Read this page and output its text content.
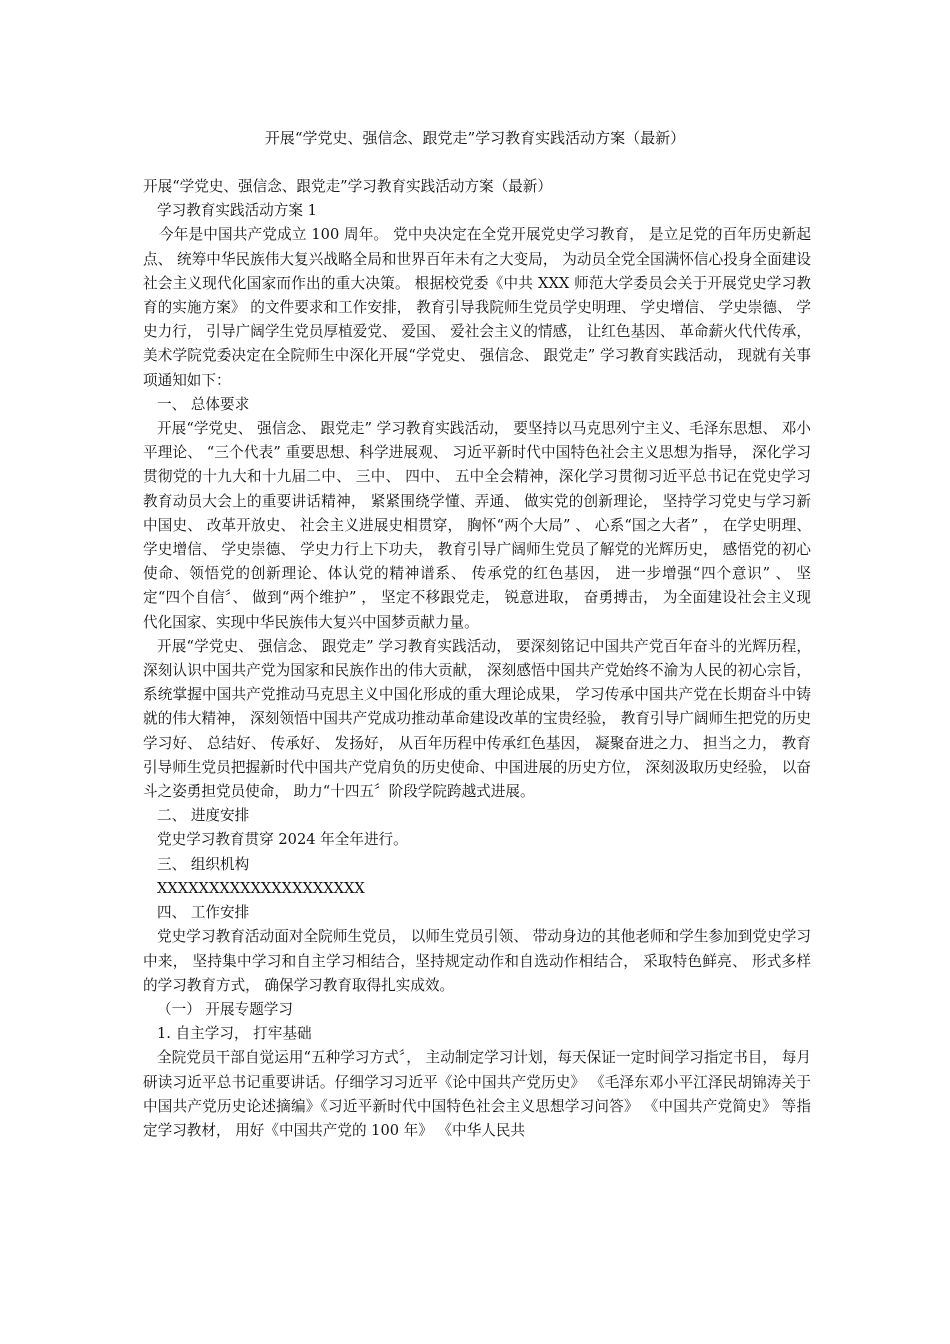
开展“学党史、强信念、跟党走”学习教育实践活动方案（最新）

开展“学党史、强信念、跟党走”学习教育实践活动方案（最新）

学习教育实践活动方案 1

今年是中国共产党成立 100 周年。 党中央决定在全党开展党史学习教育， 是立足党的百年历史新起点、 统筹中华民族伟大复兴战略全局和世界百年未有之大变局， 为动员全党全国满怀信心投身全面建设社会主义现代化国家而作出的重大决策。 根据校党委《中共 XXX 师范大学委员会关于开展党史学习教育的实施方案》 的文件要求和工作安排， 教育引导我院师生党员学史明理、 学史增信、 学史崇德、 学史力行， 引导广阔学生党员厚植爱党、 爱国、 爱社会主义的情感， 让红色基因、 革命薪火代代传承， 美术学院党委决定在全院师生中深化开展“学党史、 强信念、 跟党走” 学习教育实践活动， 现就有关事项通知如下：

一、 总体要求

开展“学党史、 强信念、 跟党走” 学习教育实践活动， 要坚持以马克思列宁主义、毛泽东思想、 邓小平理论、 “三个代表” 重要思想、科学进展观、 习近平新时代中国特色社会主义思想为指导， 深化学习贯彻党的十九大和十九届二中、 三中、 四中、 五中全会精神，深化学习贯彻习近平总书记在党史学习教育动员大会上的重要讲话精神， 紧紧围绕学懂、弄通、 做实党的创新理论， 坚持学习党史与学习新中国史、 改革开放史、 社会主义进展史相贯穿， 胸怀“两个大局” 、 心系“国之大者” ， 在学史明理、 学史增信、 学史崇德、 学史力行上下功夫， 教育引导广阔师生党员了解党的光辉历史， 感悟党的初心使命、领悟党的创新理论、体认党的精神谱系、 传承党的红色基因， 进一步增强“四个意识” 、 坚定“四个自信〞、 做到“两个维护” ， 坚定不移跟党走， 锐意进取， 奋勇搏击， 为全面建设社会主义现代化国家、实现中华民族伟大复兴中国梦贡献力量。

开展“学党史、 强信念、 跟党走” 学习教育实践活动， 要深刻铭记中国共产党百年奋斗的光辉历程， 深刻认识中国共产党为国家和民族作出的伟大贡献， 深刻感悟中国共产党始终不渝为人民的初心宗旨，系统掌握中国共产党推动马克思主义中国化形成的重大理论成果， 学习传承中国共产党在长期奋斗中铸就的伟大精神， 深刻领悟中国共产党成功推动革命建设改革的宝贵经验， 教育引导广阔师生把党的历史学习好、 总结好、 传承好、 发扬好， 从百年历程中传承红色基因， 凝聚奋进之力、 担当之力， 教育引导师生党员把握新时代中国共产党肩负的历史使命、中国进展的历史方位， 深刻汲取历史经验， 以奋斗之姿勇担党员使命， 助力“十四五〞阶段学院跨越式进展。

二、 进度安排

党史学习教育贯穿 2024 年全年进行。

三、 组织机构

XXXXXXXXXXXXXXXXXXXX

四、 工作安排

党史学习教育活动面对全院师生党员， 以师生党员引领、 带动身边的其他老师和学生参加到党史学习中来， 坚持集中学习和自主学习相结合，坚持规定动作和自选动作相结合， 采取特色鲜亮、 形式多样的学习教育方式， 确保学习教育取得扎实成效。

（一） 开展专题学习

1. 自主学习， 打牢基础

全院党员干部自觉运用“五种学习方式〞， 主动制定学习计划，每天保证一定时间学习指定书目， 每月 研读习近平总书记重要讲话。仔细学习习近平《论中国共产党历史》 《毛泽东邓小平江泽民胡锦涛关于中国共产党历史论述摘编》《习近平新时代中国特色社会主义思想学习问答》 《中国共产党简史》 等指定学习教材， 用好《中国共产党的 100 年》 《中华人民共
